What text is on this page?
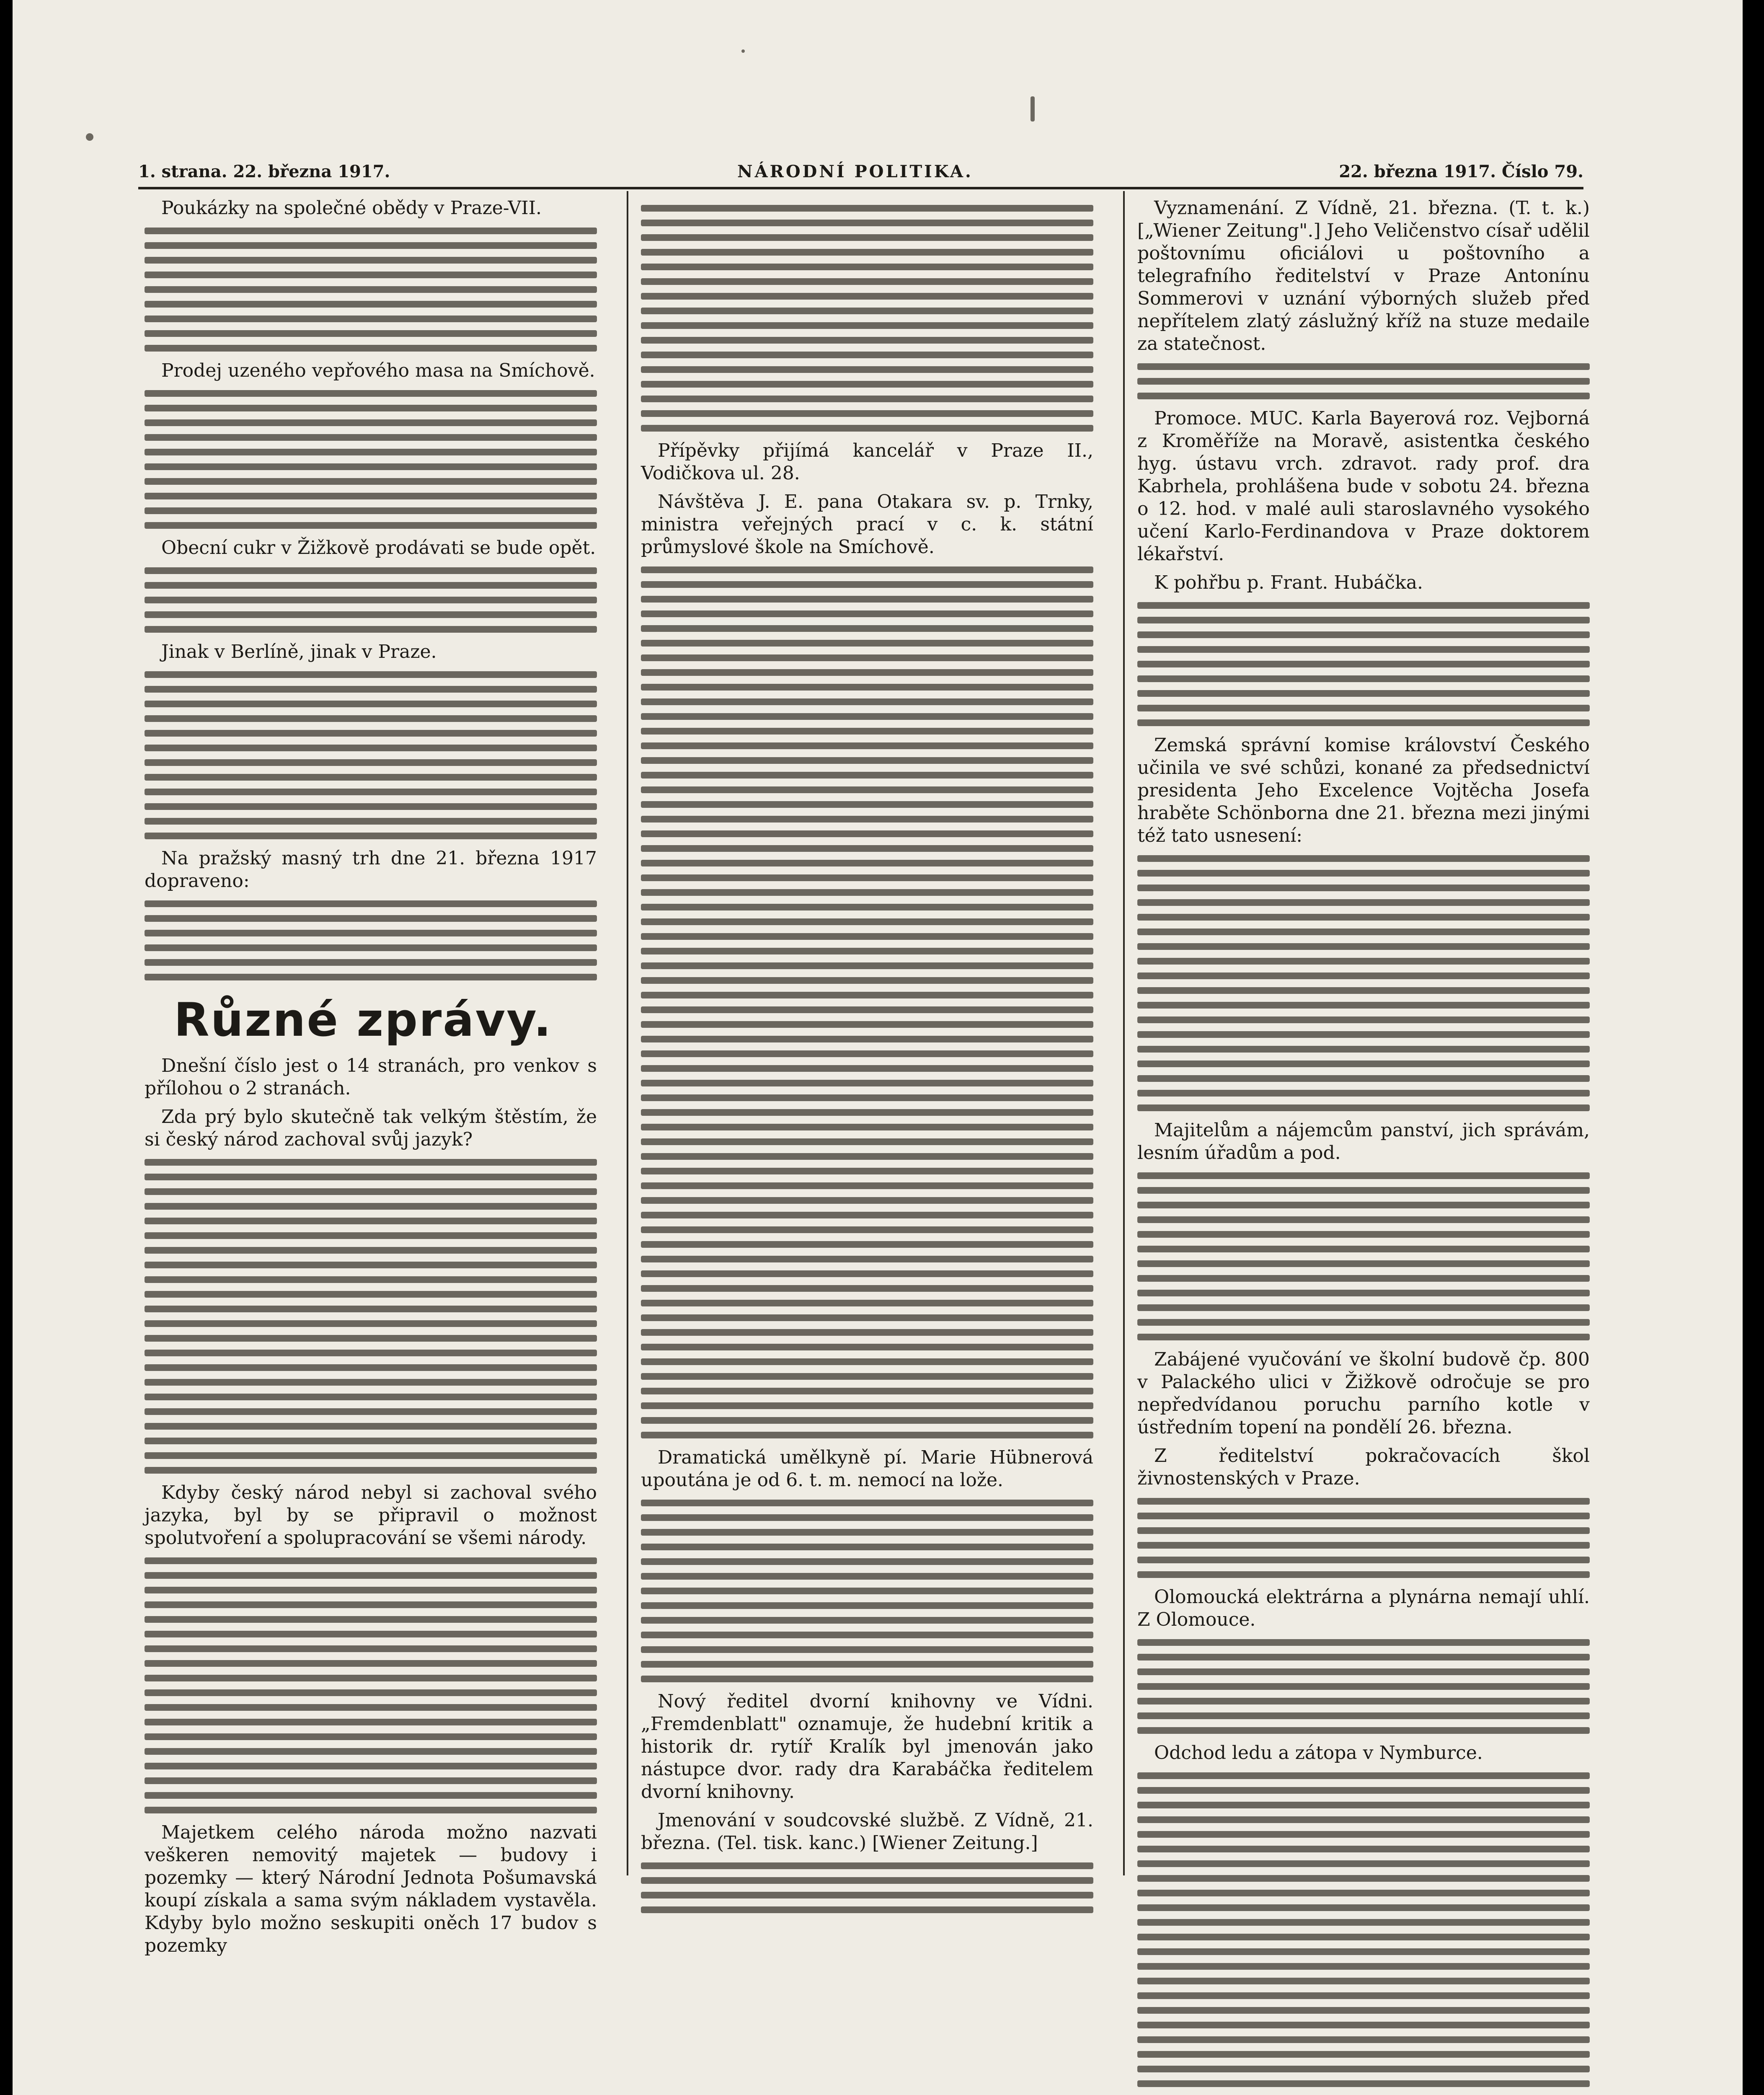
1. strana. 22. března 1917.	NÁRODNÍ POLITIKA.	22. března 1917. Číslo 79.

Poukázky na společné obědy v Praze-VII.

Prodej uzeného vepřového masa na Smíchově.

Obecní cukr v Žižkově prodávati se bude opět.

Jinak v Berlíně, jinak v Praze.

Na pražský masný trh dne 21. března 1917 dopraveno:

Různé zprávy.

Dnešní číslo jest o 14 stranách, pro venkov s přílohou o 2 stranách.

Zda prý bylo skutečně tak velkým štěstím, že si český národ zachoval svůj jazyk?

Kdyby český národ nebyl si zachoval svého jazyka, byl by se připravil o možnost spolutvoření a spolupracování se všemi národy.

Majetkem celého národa možno nazvati veškeren nemovitý majetek — budovy i pozemky — který Národní Jednota Pošumavská koupí získala a sama svým nákladem vystavěla. Kdyby bylo možno seskupiti oněch 17 budov s pozemky

Přípěvky přijímá kancelář v Praze II., Vodičkova ul. 28.

Návštěva J. E. pana Otakara sv. p. Trnky, ministra veřejných prací v c. k. státní průmyslové škole na Smíchově.

Dramatická umělkyně pí. Marie Hübnerová upoutána je od 6. t. m. nemocí na lože.

Nový ředitel dvorní knihovny ve Vídni. „Fremdenblatt" oznamuje, že hudební kritik a historik dr. rytíř Kralík byl jmenován jako nástupce dvor. rady dra Karabáčka ředitelem dvorní knihovny.

Jmenování v soudcovské službě. Z Vídně, 21. března. (Tel. tisk. kanc.) [Wiener Zeitung.]

Vyznamenání. Z Vídně, 21. března. (T. t. k.) [„Wiener Zeitung".] Jeho Veličenstvo císař udělil poštovnímu oficiálovi u poštovního a telegrafního ředitelství v Praze Antonínu Sommerovi v uznání výborných služeb před nepřítelem zlatý záslužný kříž na stuze medaile za statečnost.

Promoce. MUC. Karla Bayerová roz. Vejborná z Kroměříže na Moravě, asistentka českého hyg. ústavu vrch. zdravot. rady prof. dra Kabrhela, prohlášena bude v sobotu 24. března o 12. hod. v malé auli staroslavného vysokého učení Karlo-Ferdinandova v Praze doktorem lékařství.

K pohřbu p. Frant. Hubáčka.

Zemská správní komise království Českého učinila ve své schůzi, konané za předsednictví presidenta Jeho Excelence Vojtěcha Josefa hraběte Schönborna dne 21. března mezi jinými též tato usnesení:

Majitelům a nájemcům panství, jich správám, lesním úřadům a pod.

Zabájené vyučování ve školní budově čp. 800 v Palackého ulici v Žižkově odročuje se pro nepředvídanou poruchu parního kotle v ústředním topení na pondělí 26. března.

Z ředitelství pokračovacích škol živnostenských v Praze.

Olomoucká elektrárna a plynárna nemají uhlí. Z Olomouce.

Odchod ledu a zátopa v Nymburce.
